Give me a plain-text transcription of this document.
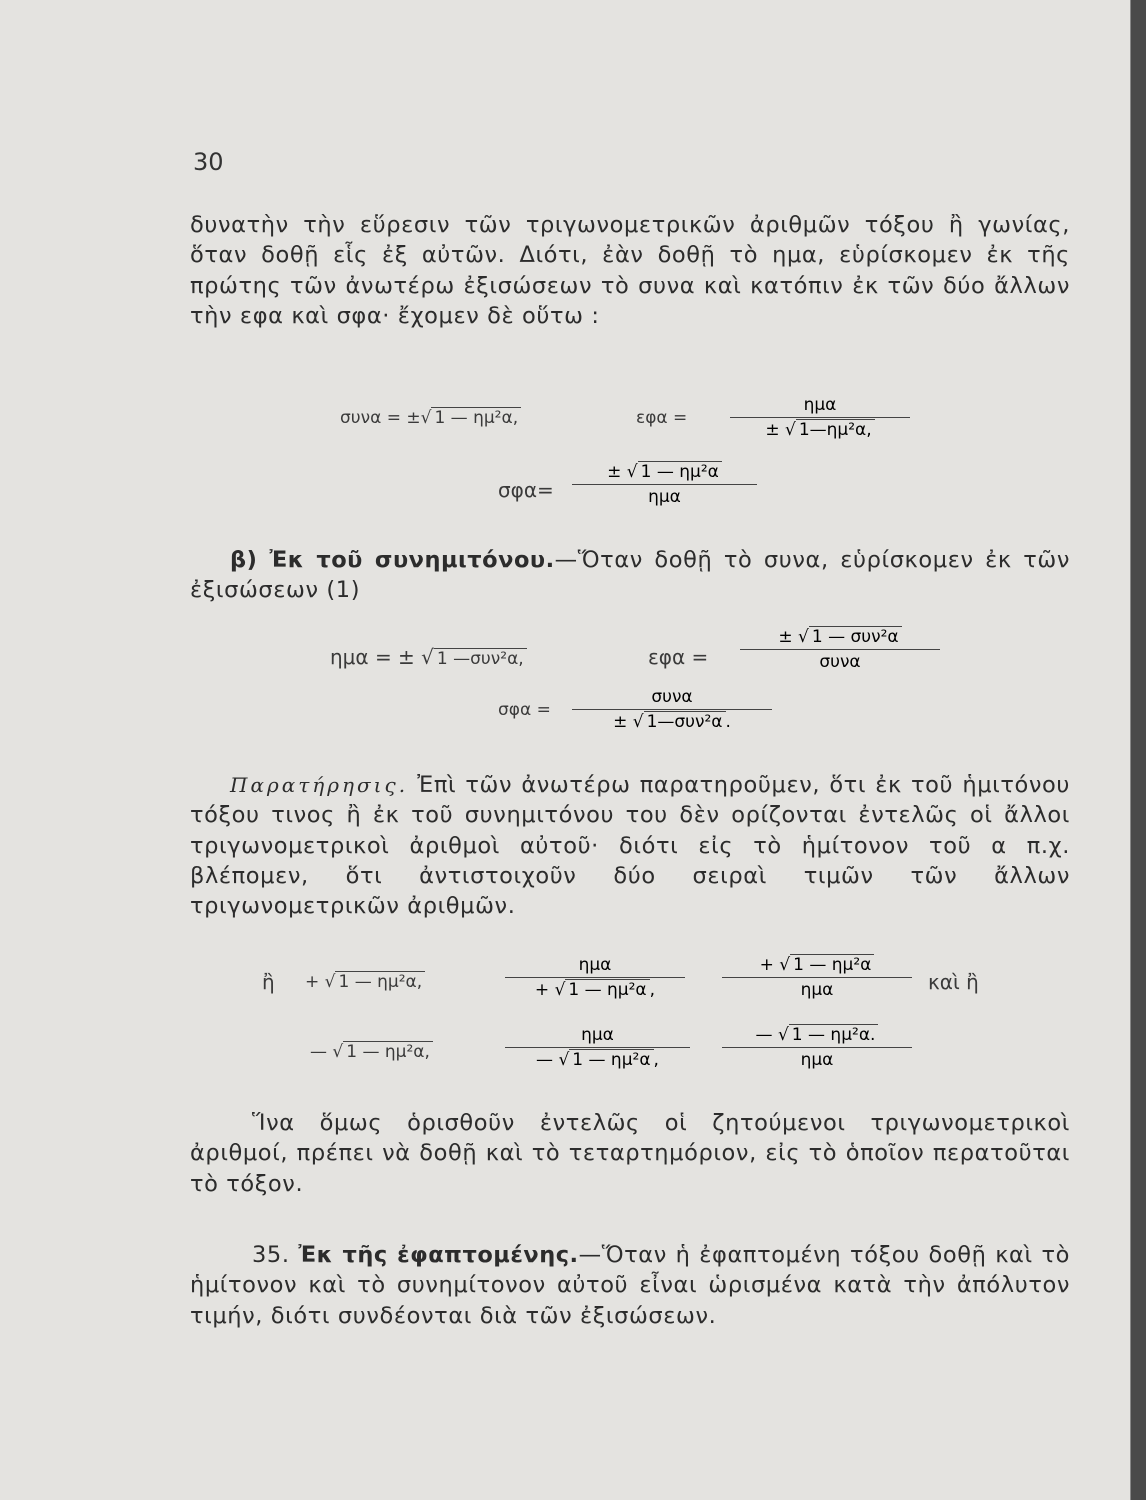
30
δυνατὴν τὴν εὕρεσιν τῶν τριγωνομετρικῶν ἀριθμῶν τόξου ἢ γωνίας, ὅταν δοθῇ εἷς ἐξ αὐτῶν. Διότι, ἐὰν δοθῇ τὸ ημα, εὑρίσκομεν ἐκ τῆς πρώτης τῶν ἀνωτέρω ἐξισώσεων τὸ συνα καὶ κατόπιν ἐκ τῶν δύο ἄλλων τὴν εφα καὶ σφα· ἔχομεν δὲ οὕτω :
συνα = ±√ 1 — ημ²α,	εφα =
ημα
± √ 1—ημ²α,
σφα=
± √ 1 — ημ²α
ημα
β) Ἐκ τοῦ συνημιτόνου.—Ὅταν δοθῇ τὸ συνα, εὑρίσκομεν ἐκ τῶν ἐξισώσεων (1)
ημα = ± √ 1 —συν²α,	εφα =
± √ 1 — συν²α
συνα
σφα =
συνα
± √ 1—συν²α .
Παρατήρησις. Ἐπὶ τῶν ἀνωτέρω παρατηροῦμεν, ὅτι ἐκ τοῦ ἡμιτόνου τόξου τινος ἢ ἐκ τοῦ συνημιτόνου του δὲν ορίζονται ἐντελῶς οἱ ἄλλοι τριγωνομετρικοὶ ἀριθμοὶ αὐτοῦ· διότι εἰς τὸ ἡμίτονον τοῦ α π.χ. βλέπομεν, ὅτι ἀντιστοιχοῦν δύο σειραὶ τιμῶν τῶν ἄλλων τριγωνομετρικῶν ἀριθμῶν.
ἢ + √ 1 — ημ²α,
ημα
+ √ 1 — ημ²α ,
+ √ 1 — ημ²α
ημα	καὶ ἢ
— √ 1 — ημ²α,
ημα
— √ 1 — ημ²α ,
— √ 1 — ημ²α.
ημα
Ἵνα ὅμως ὁρισθοῦν ἐντελῶς οἱ ζητούμενοι τριγωνομετρικοὶ ἀριθμοί, πρέπει νὰ δοθῇ καὶ τὸ τεταρτημόριον, εἰς τὸ ὁποῖον περατοῦται τὸ τόξον.
35. Ἐκ τῆς ἐφαπτομένης.—Ὅταν ἡ ἐφαπτομένη τόξου δοθῇ καὶ τὸ ἡμίτονον καὶ τὸ συνημίτονον αὐτοῦ εἶναι ὡρισμένα κατὰ τὴν ἀπόλυτον τιμήν, διότι συνδέονται διὰ τῶν ἐξισώσεων.
